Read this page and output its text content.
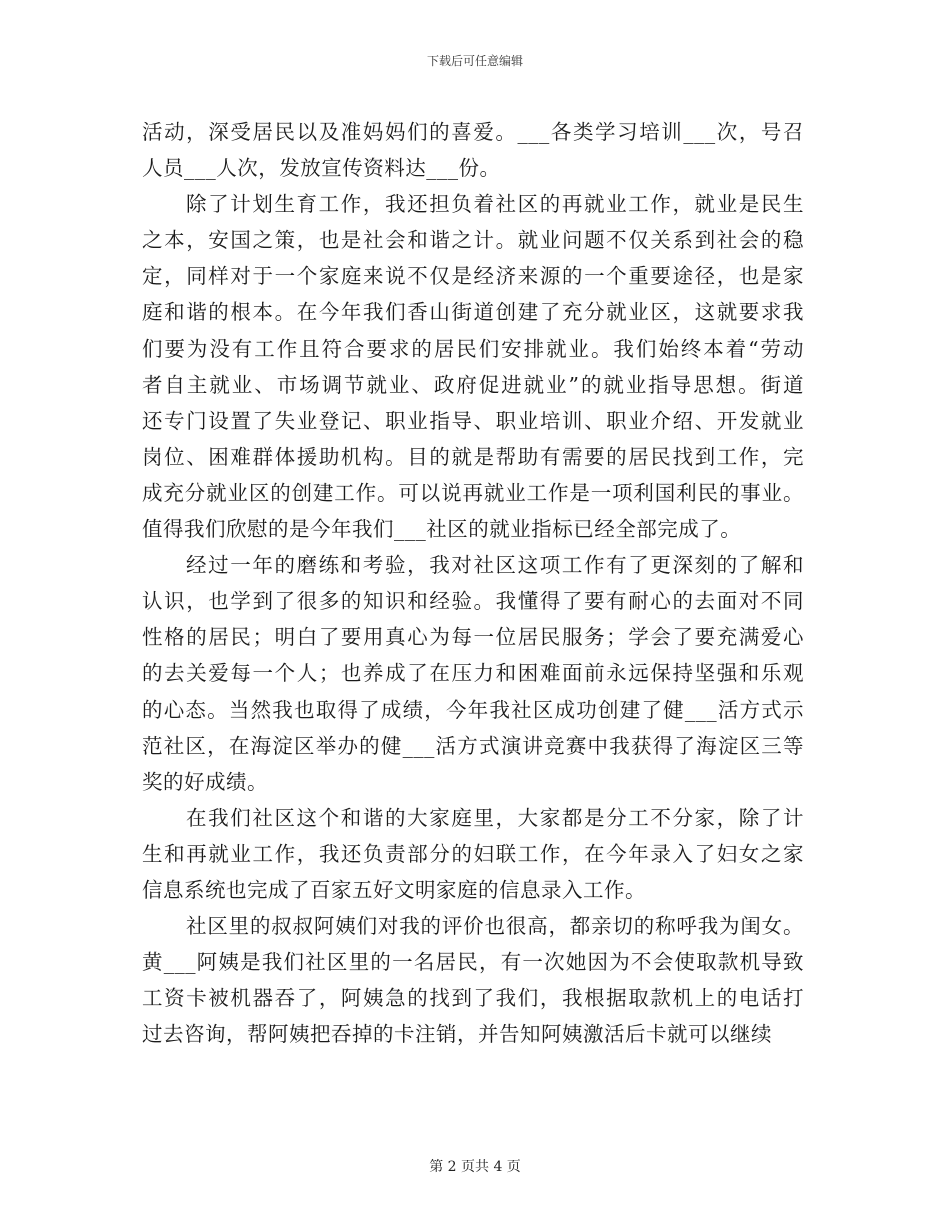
下载后可任意编辑
活动，深受居民以及准妈妈们的喜爱。___各类学习培训___次，号召
人员___人次，发放宣传资料达___份。
除了计划生育工作，我还担负着社区的再就业工作，就业是民生
之本，安国之策，也是社会和谐之计。就业问题不仅关系到社会的稳
定，同样对于一个家庭来说不仅是经济来源的一个重要途径，也是家
庭和谐的根本。在今年我们香山街道创建了充分就业区，这就要求我
们要为没有工作且符合要求的居民们安排就业。我们始终本着“劳动
者自主就业、市场调节就业、政府促进就业”的就业指导思想。街道
还专门设置了失业登记、职业指导、职业培训、职业介绍、开发就业
岗位、困难群体援助机构。目的就是帮助有需要的居民找到工作，完
成充分就业区的创建工作。可以说再就业工作是一项利国利民的事业。
值得我们欣慰的是今年我们___社区的就业指标已经全部完成了。
经过一年的磨练和考验，我对社区这项工作有了更深刻的了解和
认识，也学到了很多的知识和经验。我懂得了要有耐心的去面对不同
性格的居民；明白了要用真心为每一位居民服务；学会了要充满爱心
的去关爱每一个人；也养成了在压力和困难面前永远保持坚强和乐观
的心态。当然我也取得了成绩，今年我社区成功创建了健___活方式示
范社区，在海淀区举办的健___活方式演讲竞赛中我获得了海淀区三等
奖的好成绩。
在我们社区这个和谐的大家庭里，大家都是分工不分家，除了计
生和再就业工作，我还负责部分的妇联工作，在今年录入了妇女之家
信息系统也完成了百家五好文明家庭的信息录入工作。
社区里的叔叔阿姨们对我的评价也很高，都亲切的称呼我为闺女。
黄___阿姨是我们社区里的一名居民，有一次她因为不会使取款机导致
工资卡被机器吞了，阿姨急的找到了我们，我根据取款机上的电话打
过去咨询，帮阿姨把吞掉的卡注销，并告知阿姨激活后卡就可以继续
第 2 页共 4 页
